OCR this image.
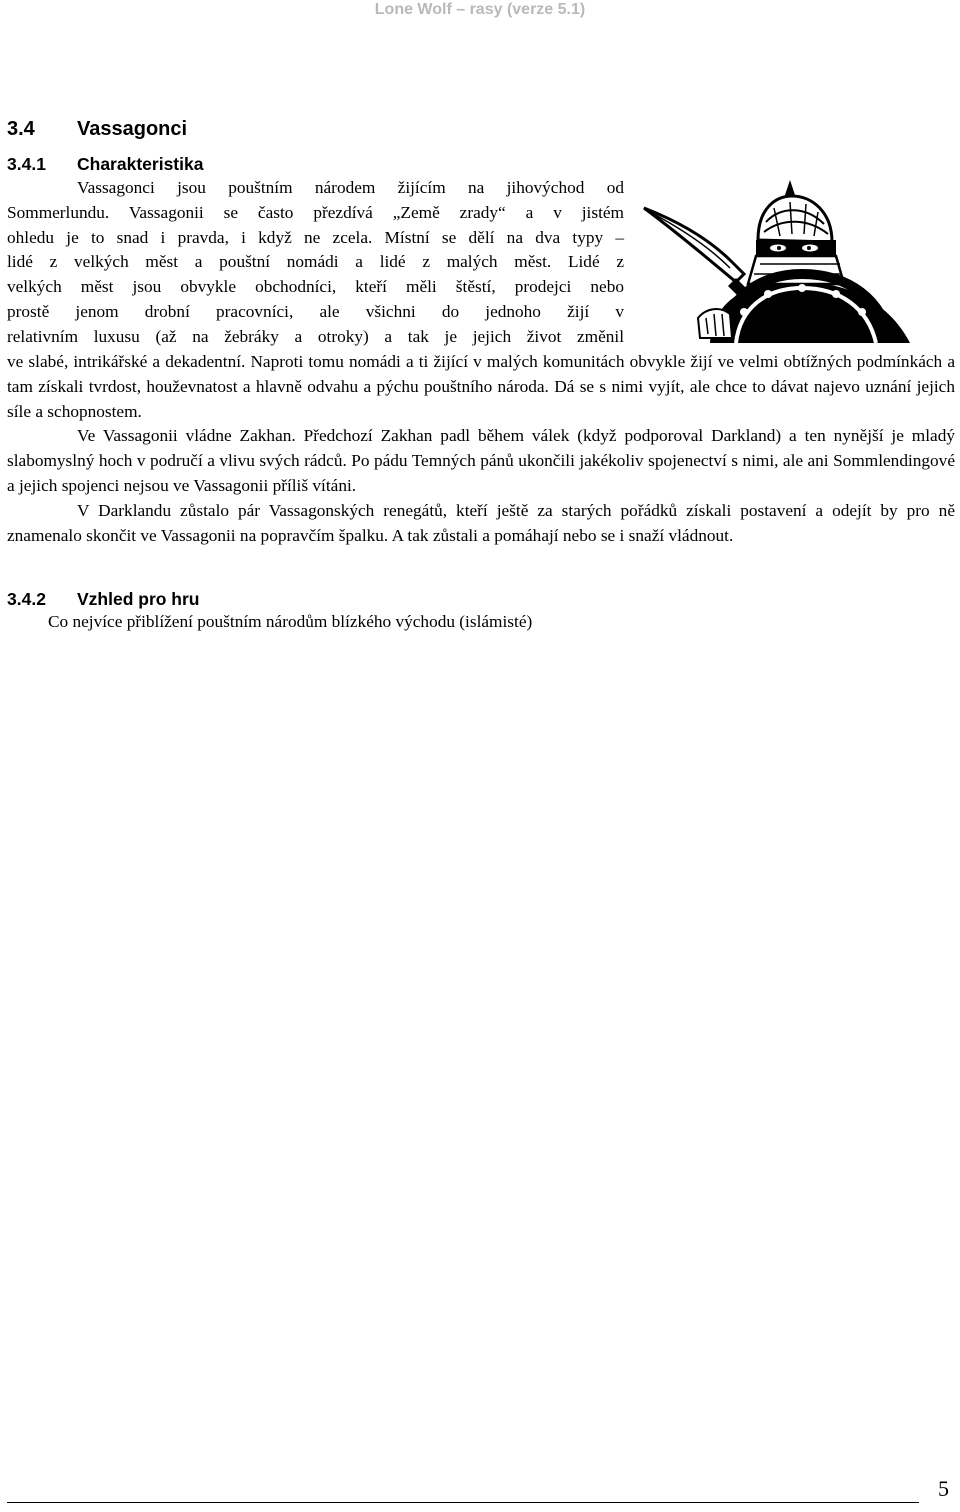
Lone Wolf – rasy (verze 5.1)
3.4 Vassagonci
3.4.1 Charakteristika
Vassagonci jsou pouštním národem žijícím na jihovýchod od
Sommerlundu. Vassagonii se často přezdívá „Země zrady“ a v jistém
ohledu je to snad i pravda, i když ne zcela. Místní se dělí na dva typy –
lidé z velkých měst a pouštní nomádi a lidé z malých měst. Lidé z
velkých měst jsou obvykle obchodníci, kteří měli štěstí, prodejci nebo
prostě jenom drobní pracovníci, ale všichni do jednoho žijí v
relativním luxusu (až na žebráky a otroky) a tak je jejich život změnil

ve slabé, intrikářské a dekadentní. Naproti tomu nomádi a ti žijící v malých komunitách obvykle žijí ve velmi obtížných podmínkách a tam získali tvrdost, houževnatost a hlavně odvahu a pýchu pouštního národa. Dá se s nimi vyjít, ale chce to dávat najevo uznání jejich síle a schopnostem.

Ve Vassagonii vládne Zakhan. Předchozí Zakhan padl během válek (když podporoval Darkland) a ten nynější je mladý slabomyslný hoch v područí a vlivu svých rádců. Po pádu Temných pánů ukončili jakékoliv spojenectví s nimi, ale ani Sommlendingové a jejich spojenci nejsou ve Vassagonii příliš vítáni.

V Darklandu zůstalo pár Vassagonských renegátů, kteří ještě za starých pořádků získali postavení a odejít by pro ně znamenalo skončit ve Vassagonii na popravčím špalku. A tak zůstali a pomáhají nebo se i snaží vládnout.

3.4.2 Vzhled pro hru
Co nejvíce přiblížení pouštním národům blízkého východu (islámisté)
5
